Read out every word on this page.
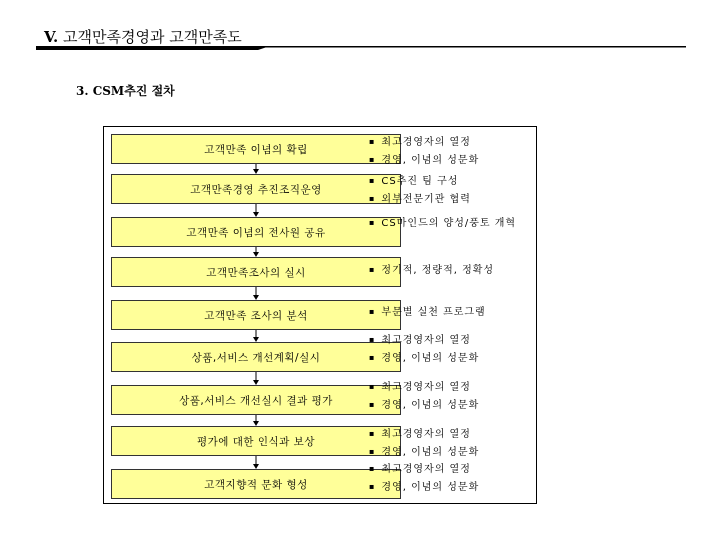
V. 고객만족경영과 고객만족도
3. CSM추진 절차
고객만족 이념의 확립
고객만족경영 추진조직운영
고객만족 이념의 전사원 공유
고객만족조사의 실시
고객만족 조사의 분석
상품,서비스 개선계획/실시
상품,서비스 개선실시 결과 평가
평가에 대한 인식과 보상
고객지향적 문화 형성
▪ 최고경영자의 열정
▪ 경영, 이념의 성문화
▪ CS추진 팀 구성
▪ 외부전문기관 협력
▪ CS마인드의 양성/풍토 개혁
▪ 정기적, 정량적, 정확성
▪ 부문별 실천 프로그램
▪ 최고경영자의 열정
▪ 경영, 이념의 성문화
▪ 최고경영자의 열정
▪ 경영, 이념의 성문화
▪ 최고경영자의 열정
▪ 경영, 이념의 성문화
▪ 최고경영자의 열정
▪ 경영, 이념의 성문화
